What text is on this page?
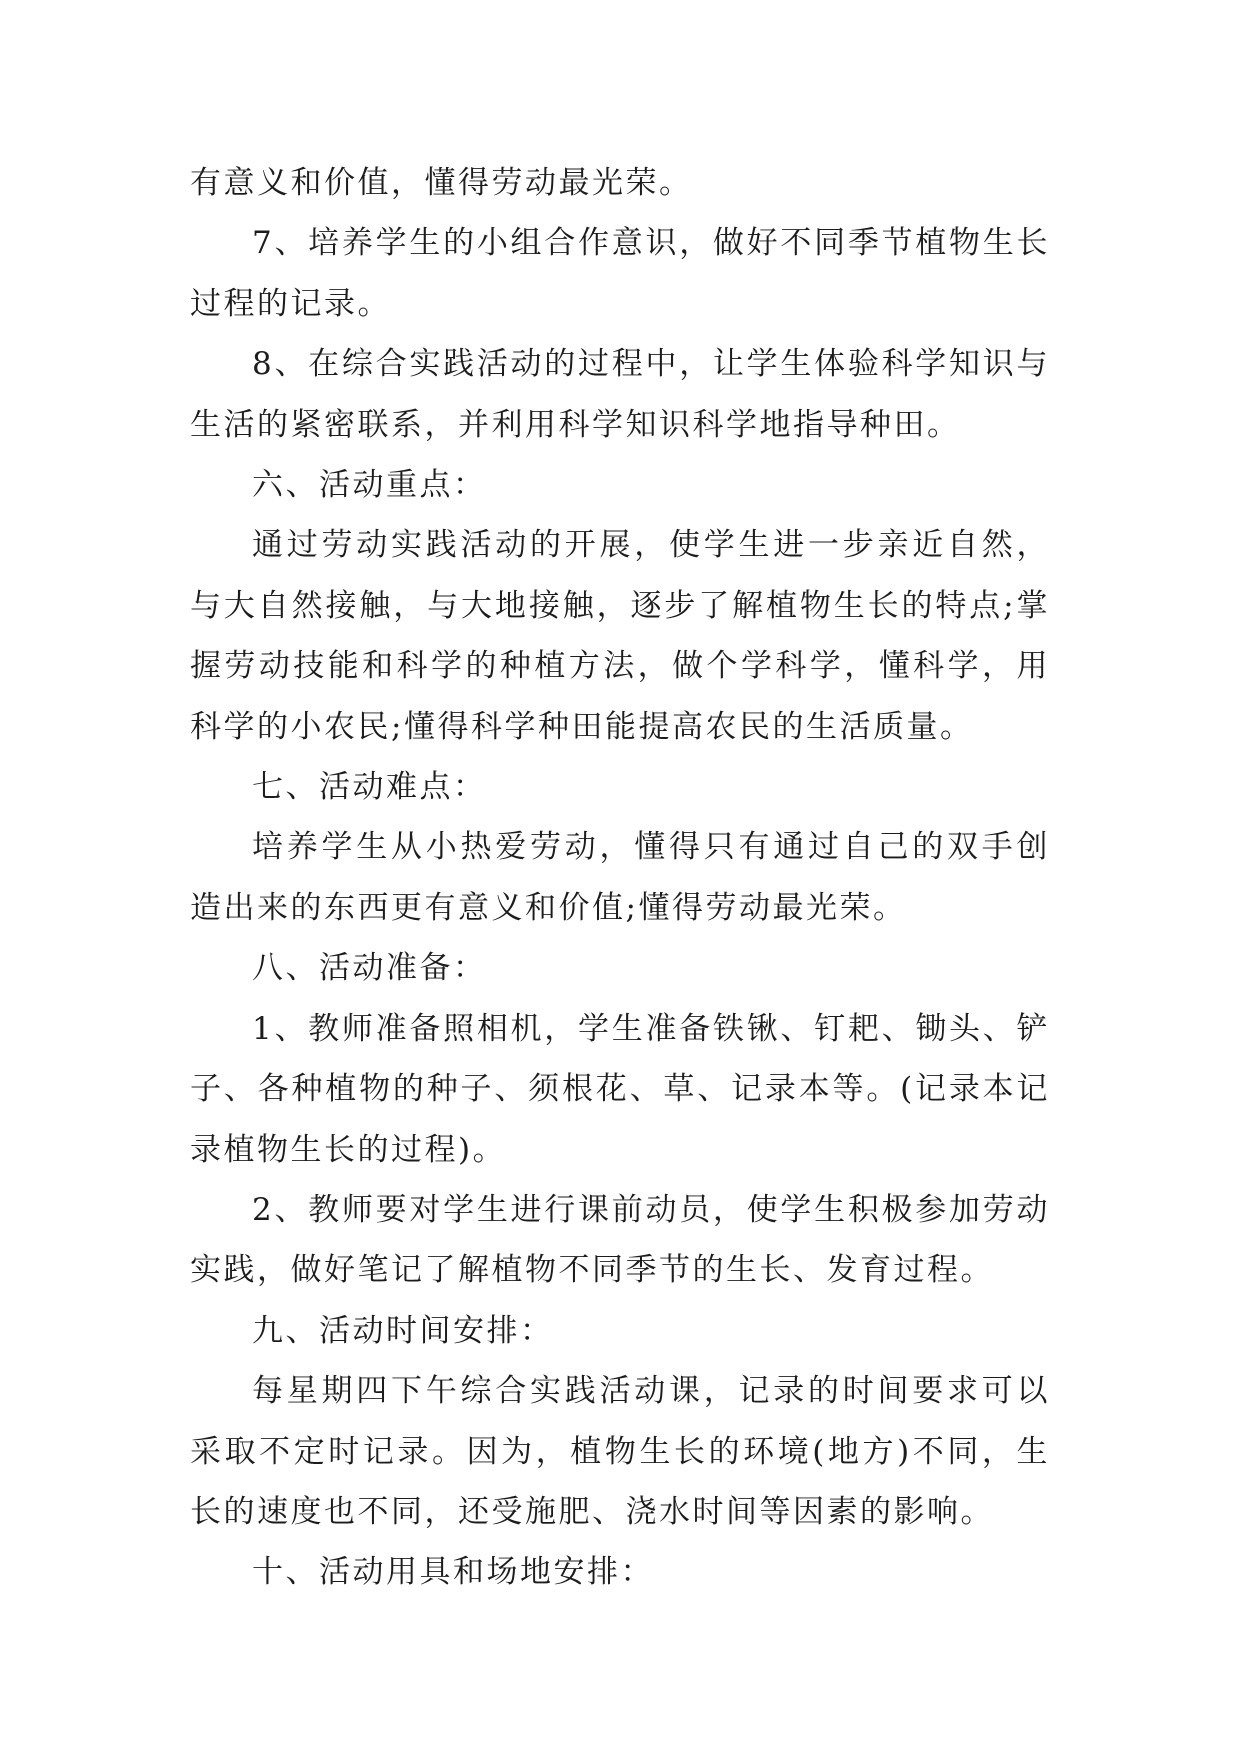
有意义和价值，懂得劳动最光荣。

7、培养学生的小组合作意识，做好不同季节植物生长过程的记录。

8、在综合实践活动的过程中，让学生体验科学知识与生活的紧密联系，并利用科学知识科学地指导种田。

六、活动重点：

通过劳动实践活动的开展，使学生进一步亲近自然，与大自然接触，与大地接触，逐步了解植物生长的特点;掌握劳动技能和科学的种植方法，做个学科学，懂科学，用科学的小农民;懂得科学种田能提高农民的生活质量。

七、活动难点：

培养学生从小热爱劳动，懂得只有通过自己的双手创造出来的东西更有意义和价值;懂得劳动最光荣。

八、活动准备：

1、教师准备照相机，学生准备铁锹、钉耙、锄头、铲子、各种植物的种子、须根花、草、记录本等。(记录本记录植物生长的过程)。

2、教师要对学生进行课前动员，使学生积极参加劳动实践，做好笔记了解植物不同季节的生长、发育过程。

九、活动时间安排：

每星期四下午综合实践活动课，记录的时间要求可以采取不定时记录。因为，植物生长的环境(地方)不同，生长的速度也不同，还受施肥、浇水时间等因素的影响。

十、活动用具和场地安排：
